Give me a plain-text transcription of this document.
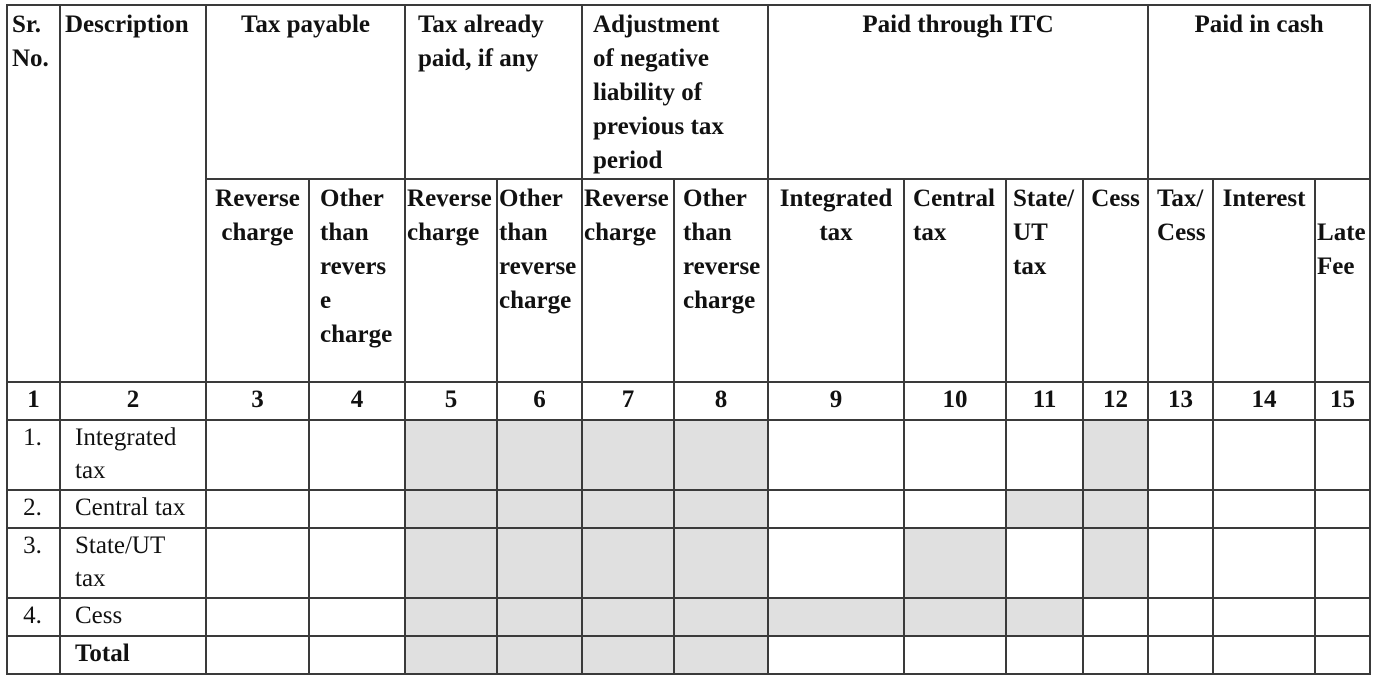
Sr. No.	Description	Tax payable		Tax already paid, if any		Adjustment of negative liability of previous tax period		Paid through ITC				Paid in cash		
		Reverse charge	Other than revers e charge	Reverse charge	Other than reverse charge	Reverse charge	Other than reverse charge	Integrated tax	Central tax	State/ UT tax	Cess	Tax/ Cess	Interest	Late Fee
1	2	3	4	5	6	7	8	9	10	11	12	13	14	15
1.	Integrated tax													
2.	Central tax													
3.	State/UT tax													
4.	Cess													
	Total													
